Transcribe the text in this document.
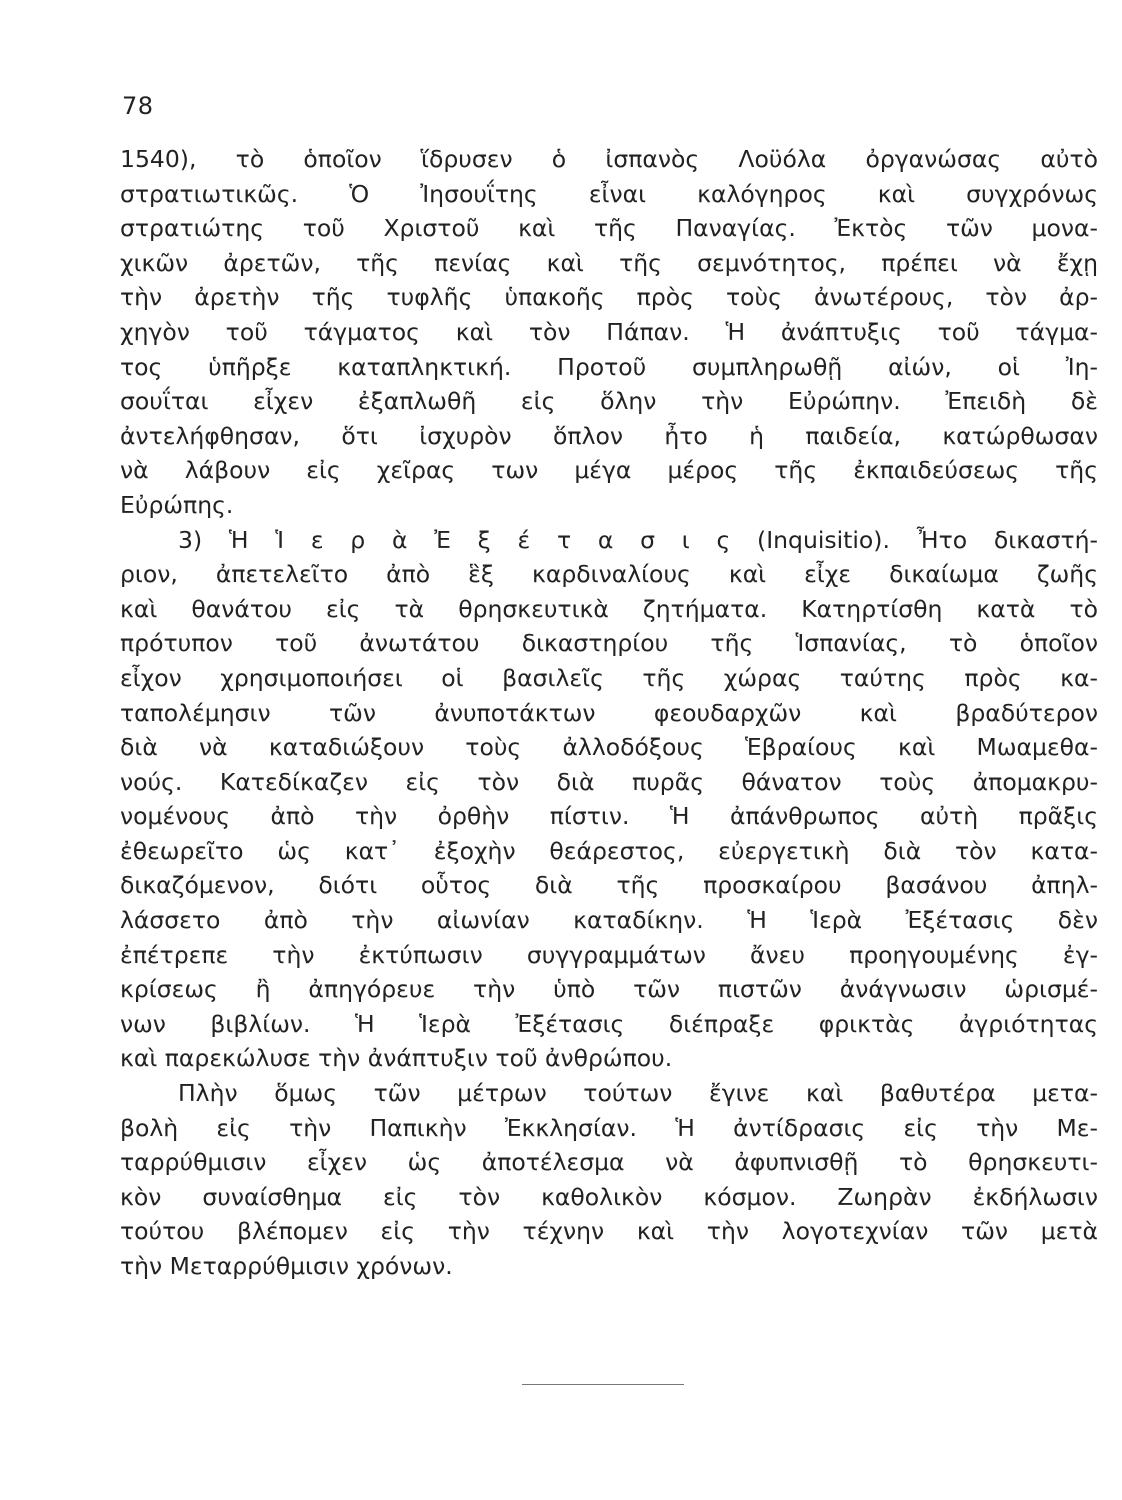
78
1540), τὸ ὁποῖον ἵδρυσεν ὁ ἰσπανὸς Λοϋόλα ὀργανώσας αὐτὸ
στρατιωτικῶς. Ὁ Ἰησουΐτης εἶναι καλόγηρος καὶ συγχρόνως
στρατιώτης τοῦ Χριστοῦ καὶ τῆς Παναγίας. Ἐκτὸς τῶν μονα-
χικῶν ἀρετῶν, τῆς πενίας καὶ τῆς σεμνότητος, πρέπει νὰ ἔχῃ
τὴν ἀρετὴν τῆς τυφλῆς ὑπακοῆς πρὸς τοὺς ἀνωτέρους, τὸν ἀρ-
χηγὸν τοῦ τάγματος καὶ τὸν Πάπαν. Ἡ ἀνάπτυξις τοῦ τάγμα-
τος ὑπῆρξε καταπληκτική. Προτοῦ συμπληρωθῇ αἰών, οἱ Ἰη-
σουΐται εἶχεν ἐξαπλωθῆ εἰς ὅλην τὴν Εὐρώπην. Ἐπειδὴ δὲ
ἀντελήφθησαν, ὅτι ἰσχυρὸν ὅπλον ἦτο ἡ παιδεία, κατώρθωσαν
νὰ λάβουν εἰς χεῖρας των μέγα μέρος τῆς ἐκπαιδεύσεως τῆς
Εὐρώπης.
3) Ἡ Ἱ ε ρ ὰ Ἐ ξ έ τ α σ ι ς (Inquisitio). Ἦτο δικαστή-
ριον, ἀπετελεῖτο ἀπὸ ἓξ καρδιναλίους καὶ εἶχε δικαίωμα ζωῆς
καὶ θανάτου εἰς τὰ θρησκευτικὰ ζητήματα. Κατηρτίσθη κατὰ τὸ
πρότυπον τοῦ ἀνωτάτου δικαστηρίου τῆς Ἱσπανίας, τὸ ὁποῖον
εἶχον χρησιμοποιήσει οἱ βασιλεῖς τῆς χώρας ταύτης πρὸς κα-
ταπολέμησιν τῶν ἀνυποτάκτων φεουδαρχῶν καὶ βραδύτερον
διὰ νὰ καταδιώξουν τοὺς ἀλλοδόξους Ἑβραίους καὶ Μωαμεθα-
νούς. Κατεδίκαζεν εἰς τὸν διὰ πυρᾶς θάνατον τοὺς ἀπομακρυ-
νομένους ἀπὸ τὴν ὀρθὴν πίστιν. Ἡ ἀπάνθρωπος αὐτὴ πρᾶξις
ἐθεωρεῖτο ὡς κατ᾽ ἐξοχὴν θεάρεστος, εὐεργετικὴ διὰ τὸν κατα-
δικαζόμενον, διότι οὗτος διὰ τῆς προσκαίρου βασάνου ἀπηλ-
λάσσετο ἀπὸ τὴν αἰωνίαν καταδίκην. Ἡ Ἱερὰ Ἐξέτασις δὲν
ἐπέτρεπε τὴν ἐκτύπωσιν συγγραμμάτων ἄνευ προηγουμένης ἐγ-
κρίσεως ἢ ἀπηγόρευε τὴν ὑπὸ τῶν πιστῶν ἀνάγνωσιν ὡρισμέ-
νων βιβλίων. Ἡ Ἱερὰ Ἐξέτασις διέπραξε φρικτὰς ἀγριότητας
καὶ παρεκώλυσε τὴν ἀνάπτυξιν τοῦ ἀνθρώπου.
Πλὴν ὅμως τῶν μέτρων τούτων ἔγινε καὶ βαθυτέρα μετα-
βολὴ εἰς τὴν Παπικὴν Ἐκκλησίαν. Ἡ ἀντίδρασις εἰς τὴν Με-
ταρρύθμισιν εἶχεν ὡς ἀποτέλεσμα νὰ ἀφυπνισθῇ τὸ θρησκευτι-
κὸν συναίσθημα εἰς τὸν καθολικὸν κόσμον. Ζωηρὰν ἐκδήλωσιν
τούτου βλέπομεν εἰς τὴν τέχνην καὶ τὴν λογοτεχνίαν τῶν μετὰ
τὴν Μεταρρύθμισιν χρόνων.
